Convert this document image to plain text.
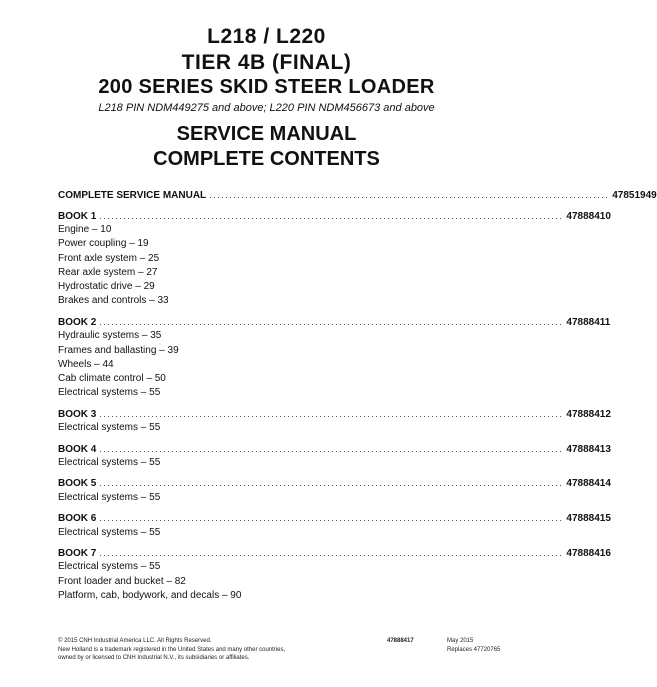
L218 / L220
TIER 4B (FINAL)
200 SERIES SKID STEER LOADER
L218 PIN NDM449275 and above; L220 PIN NDM456673 and above
SERVICE MANUAL
COMPLETE CONTENTS
COMPLETE SERVICE MANUAL .................................................................................................... 47851949
BOOK 1 .................................................................................................................... 47888410
Engine – 10
Power coupling – 19
Front axle system – 25
Rear axle system – 27
Hydrostatic drive – 29
Brakes and controls – 33
BOOK 2 .................................................................................................................... 47888411
Hydraulic systems – 35
Frames and ballasting – 39
Wheels – 44
Cab climate control – 50
Electrical systems – 55
BOOK 3 .................................................................................................................... 47888412
Electrical systems – 55
BOOK 4 .................................................................................................................... 47888413
Electrical systems – 55
BOOK 5 .................................................................................................................... 47888414
Electrical systems – 55
BOOK 6 .................................................................................................................... 47888415
Electrical systems – 55
BOOK 7 .................................................................................................................... 47888416
Electrical systems – 55
Front loader and bucket – 82
Platform, cab, bodywork, and decals – 90
© 2015 CNH Industrial America LLC. All Rights Reserved.
New Holland is a trademark registered in the United States and many other countries,
owned by or licensed to CNH Industrial N.V., its subsidiaries or affiliates.
47888417	May 2015
Replaces 47720765
